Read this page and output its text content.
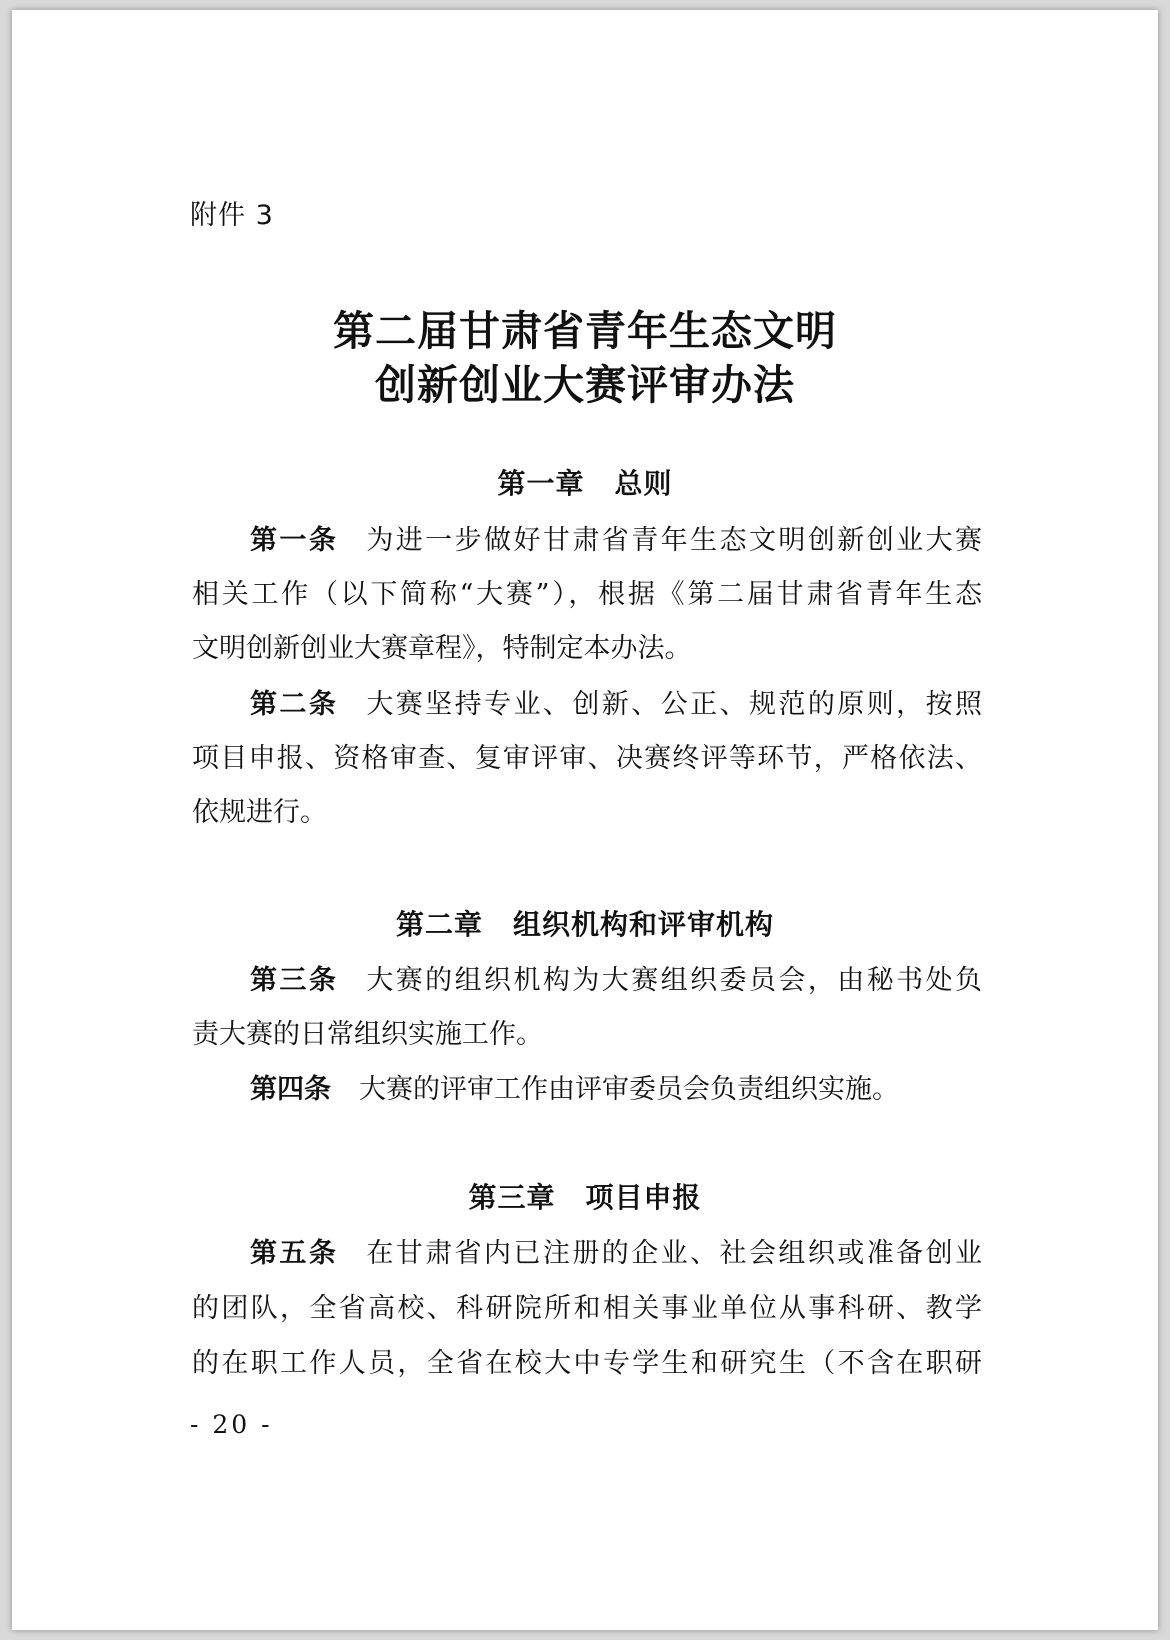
附件 3
第二届甘肃省青年生态文明
创新创业大赛评审办法
第一章 总则
第一条 为进一步做好甘肃省青年生态文明创新创业大赛
相关工作（以下简称“大赛”），根据《第二届甘肃省青年生态
文明创新创业大赛章程》，特制定本办法。
第二条 大赛坚持专业、创新、公正、规范的原则，按照
项目申报、资格审查、复审评审、决赛终评等环节，严格依法、
依规进行。
第二章 组织机构和评审机构
第三条 大赛的组织机构为大赛组织委员会，由秘书处负
责大赛的日常组织实施工作。
第四条 大赛的评审工作由评审委员会负责组织实施。
第三章 项目申报
第五条 在甘肃省内已注册的企业、社会组织或准备创业
的团队，全省高校、科研院所和相关事业单位从事科研、教学
的在职工作人员，全省在校大中专学生和研究生（不含在职研
- 20 -
